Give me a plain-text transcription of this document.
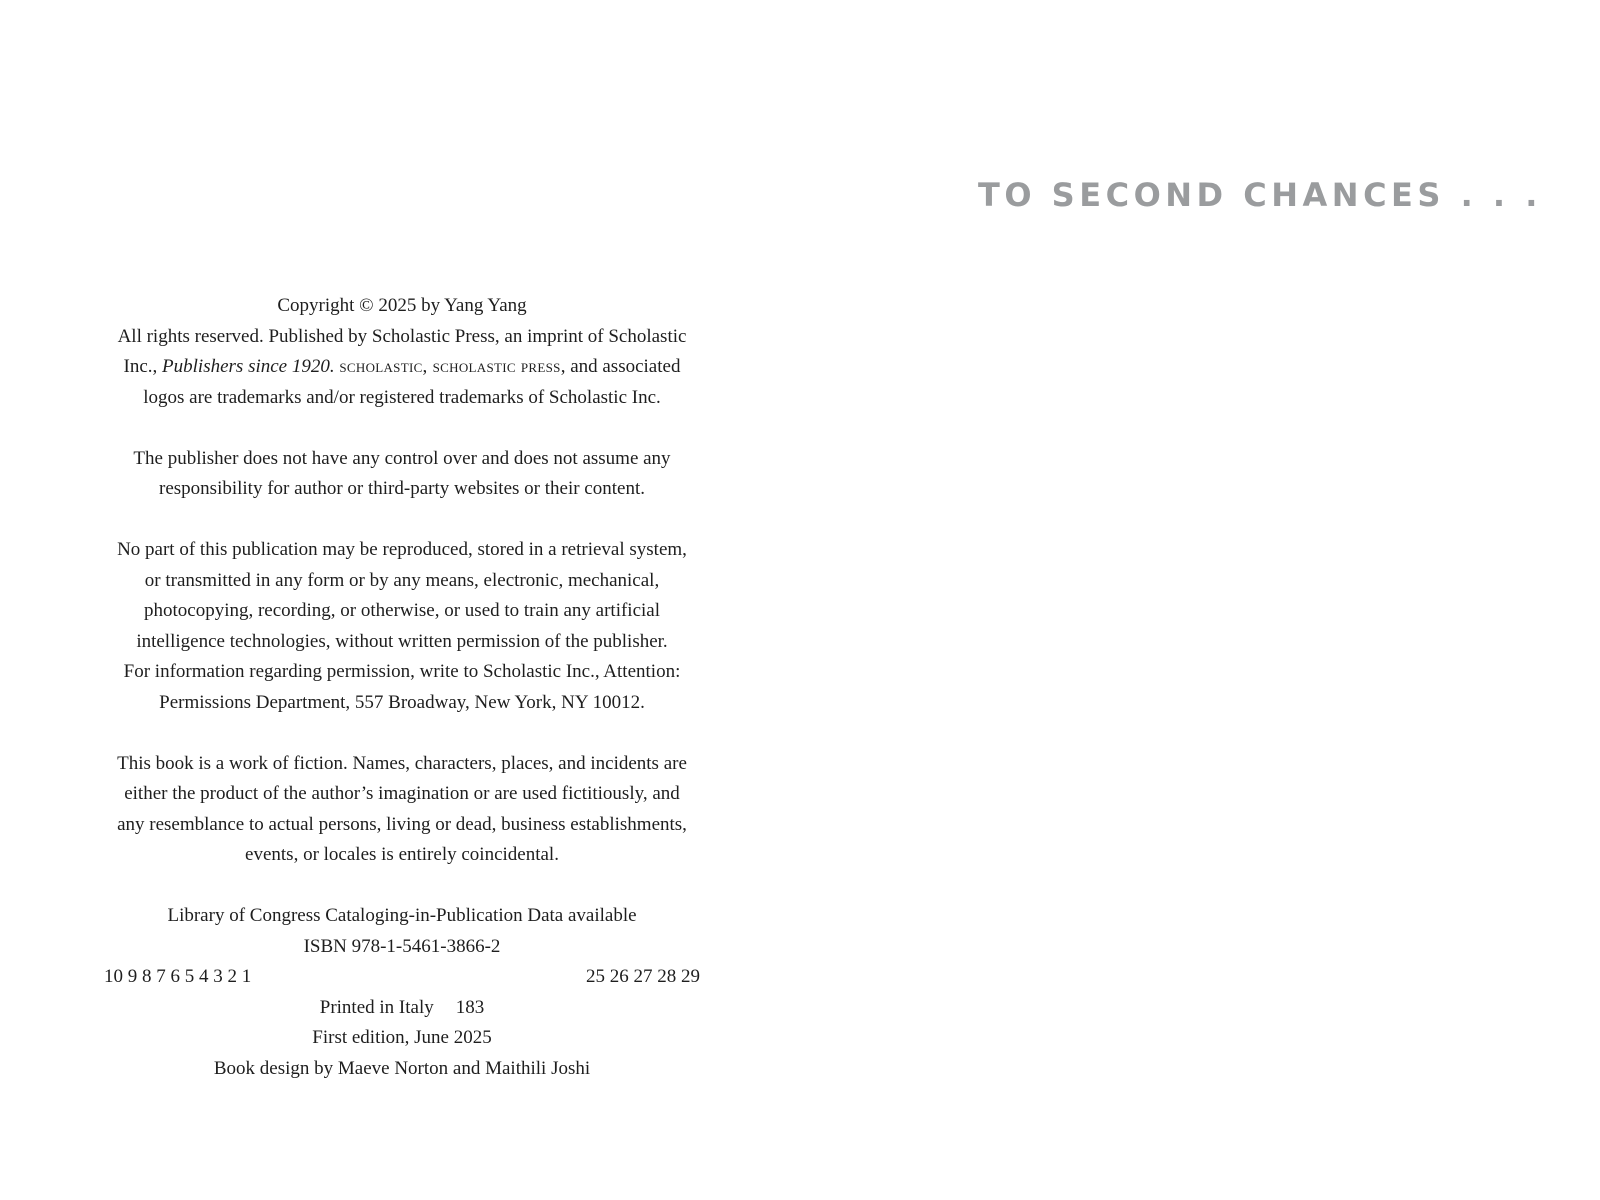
Copyright © 2025 by Yang Yang

All rights reserved. Published by Scholastic Press, an imprint of Scholastic

Inc., Publishers since 1920. scholastic, scholastic press, and associated

logos are trademarks and/or registered trademarks of Scholastic Inc.

The publisher does not have any control over and does not assume any

responsibility for author or third-party websites or their content.

No part of this publication may be reproduced, stored in a retrieval system,

or transmitted in any form or by any means, electronic, mechanical,

photocopying, recording, or otherwise, or used to train any artificial

intelligence technologies, without written permission of the publisher.

For information regarding permission, write to Scholastic Inc., Attention:

Permissions Department, 557 Broadway, New York, NY 10012.

This book is a work of fiction. Names, characters, places, and incidents are

either the product of the author’s imagination or are used fictitiously, and

any resemblance to actual persons, living or dead, business establishments,

events, or locales is entirely coincidental.

Library of Congress Cataloging-in-Publication Data available

ISBN 978-1-5461-3866-2

10 9 8 7 6 5 4 3 2 1	25 26 27 28 29

Printed in Italy 183

First edition, June 2025

Book design by Maeve Norton and Maithili Joshi

TO SECOND CHANCES . . .
